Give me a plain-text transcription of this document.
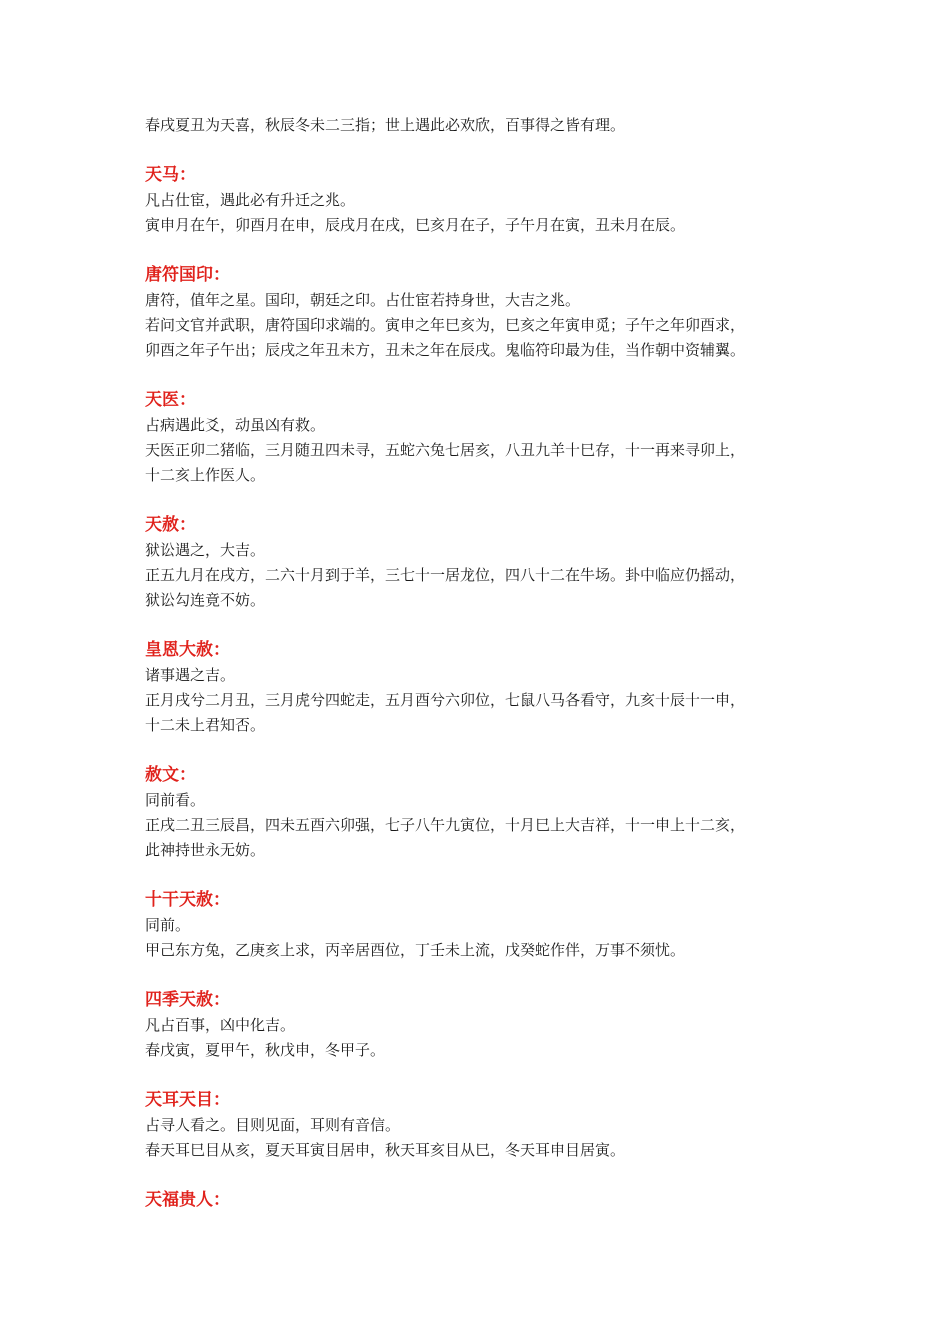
春戌夏丑为天喜，秋辰冬未二三指；世上遇此必欢欣，百事得之皆有理。

天马：

凡占仕宦，遇此必有升迁之兆。

寅申月在午，卯酉月在申，辰戌月在戌，巳亥月在子，子午月在寅，丑未月在辰。

唐符国印：

唐符，值年之星。国印，朝廷之印。占仕宦若持身世，大吉之兆。

若问文官并武职，唐符国印求端的。寅申之年巳亥为，巳亥之年寅申觅；子午之年卯酉求，

卯酉之年子午出；辰戌之年丑未方，丑未之年在辰戌。鬼临符印最为佳，当作朝中资辅翼。

天医：

占病遇此爻，动虽凶有救。

天医正卯二猪临，三月随丑四未寻，五蛇六兔七居亥，八丑九羊十巳存，十一再来寻卯上，

十二亥上作医人。

天赦：

狱讼遇之，大吉。

正五九月在戌方，二六十月到于羊，三七十一居龙位，四八十二在牛场。卦中临应仍摇动，

狱讼勾连竟不妨。

皇恩大赦：

诸事遇之吉。

正月戌兮二月丑，三月虎兮四蛇走，五月酉兮六卯位，七鼠八马各看守，九亥十辰十一申，

十二未上君知否。

赦文：

同前看。

正戌二丑三辰昌，四未五酉六卯强，七子八午九寅位，十月巳上大吉祥，十一申上十二亥，

此神持世永无妨。

十干天赦：

同前。

甲己东方兔，乙庚亥上求，丙辛居酉位，丁壬未上流，戊癸蛇作伴，万事不须忧。

四季天赦：

凡占百事，凶中化吉。

春戊寅，夏甲午，秋戊申，冬甲子。

天耳天目：

占寻人看之。目则见面，耳则有音信。

春天耳巳目从亥，夏天耳寅目居申，秋天耳亥目从巳，冬天耳申目居寅。

天福贵人：
